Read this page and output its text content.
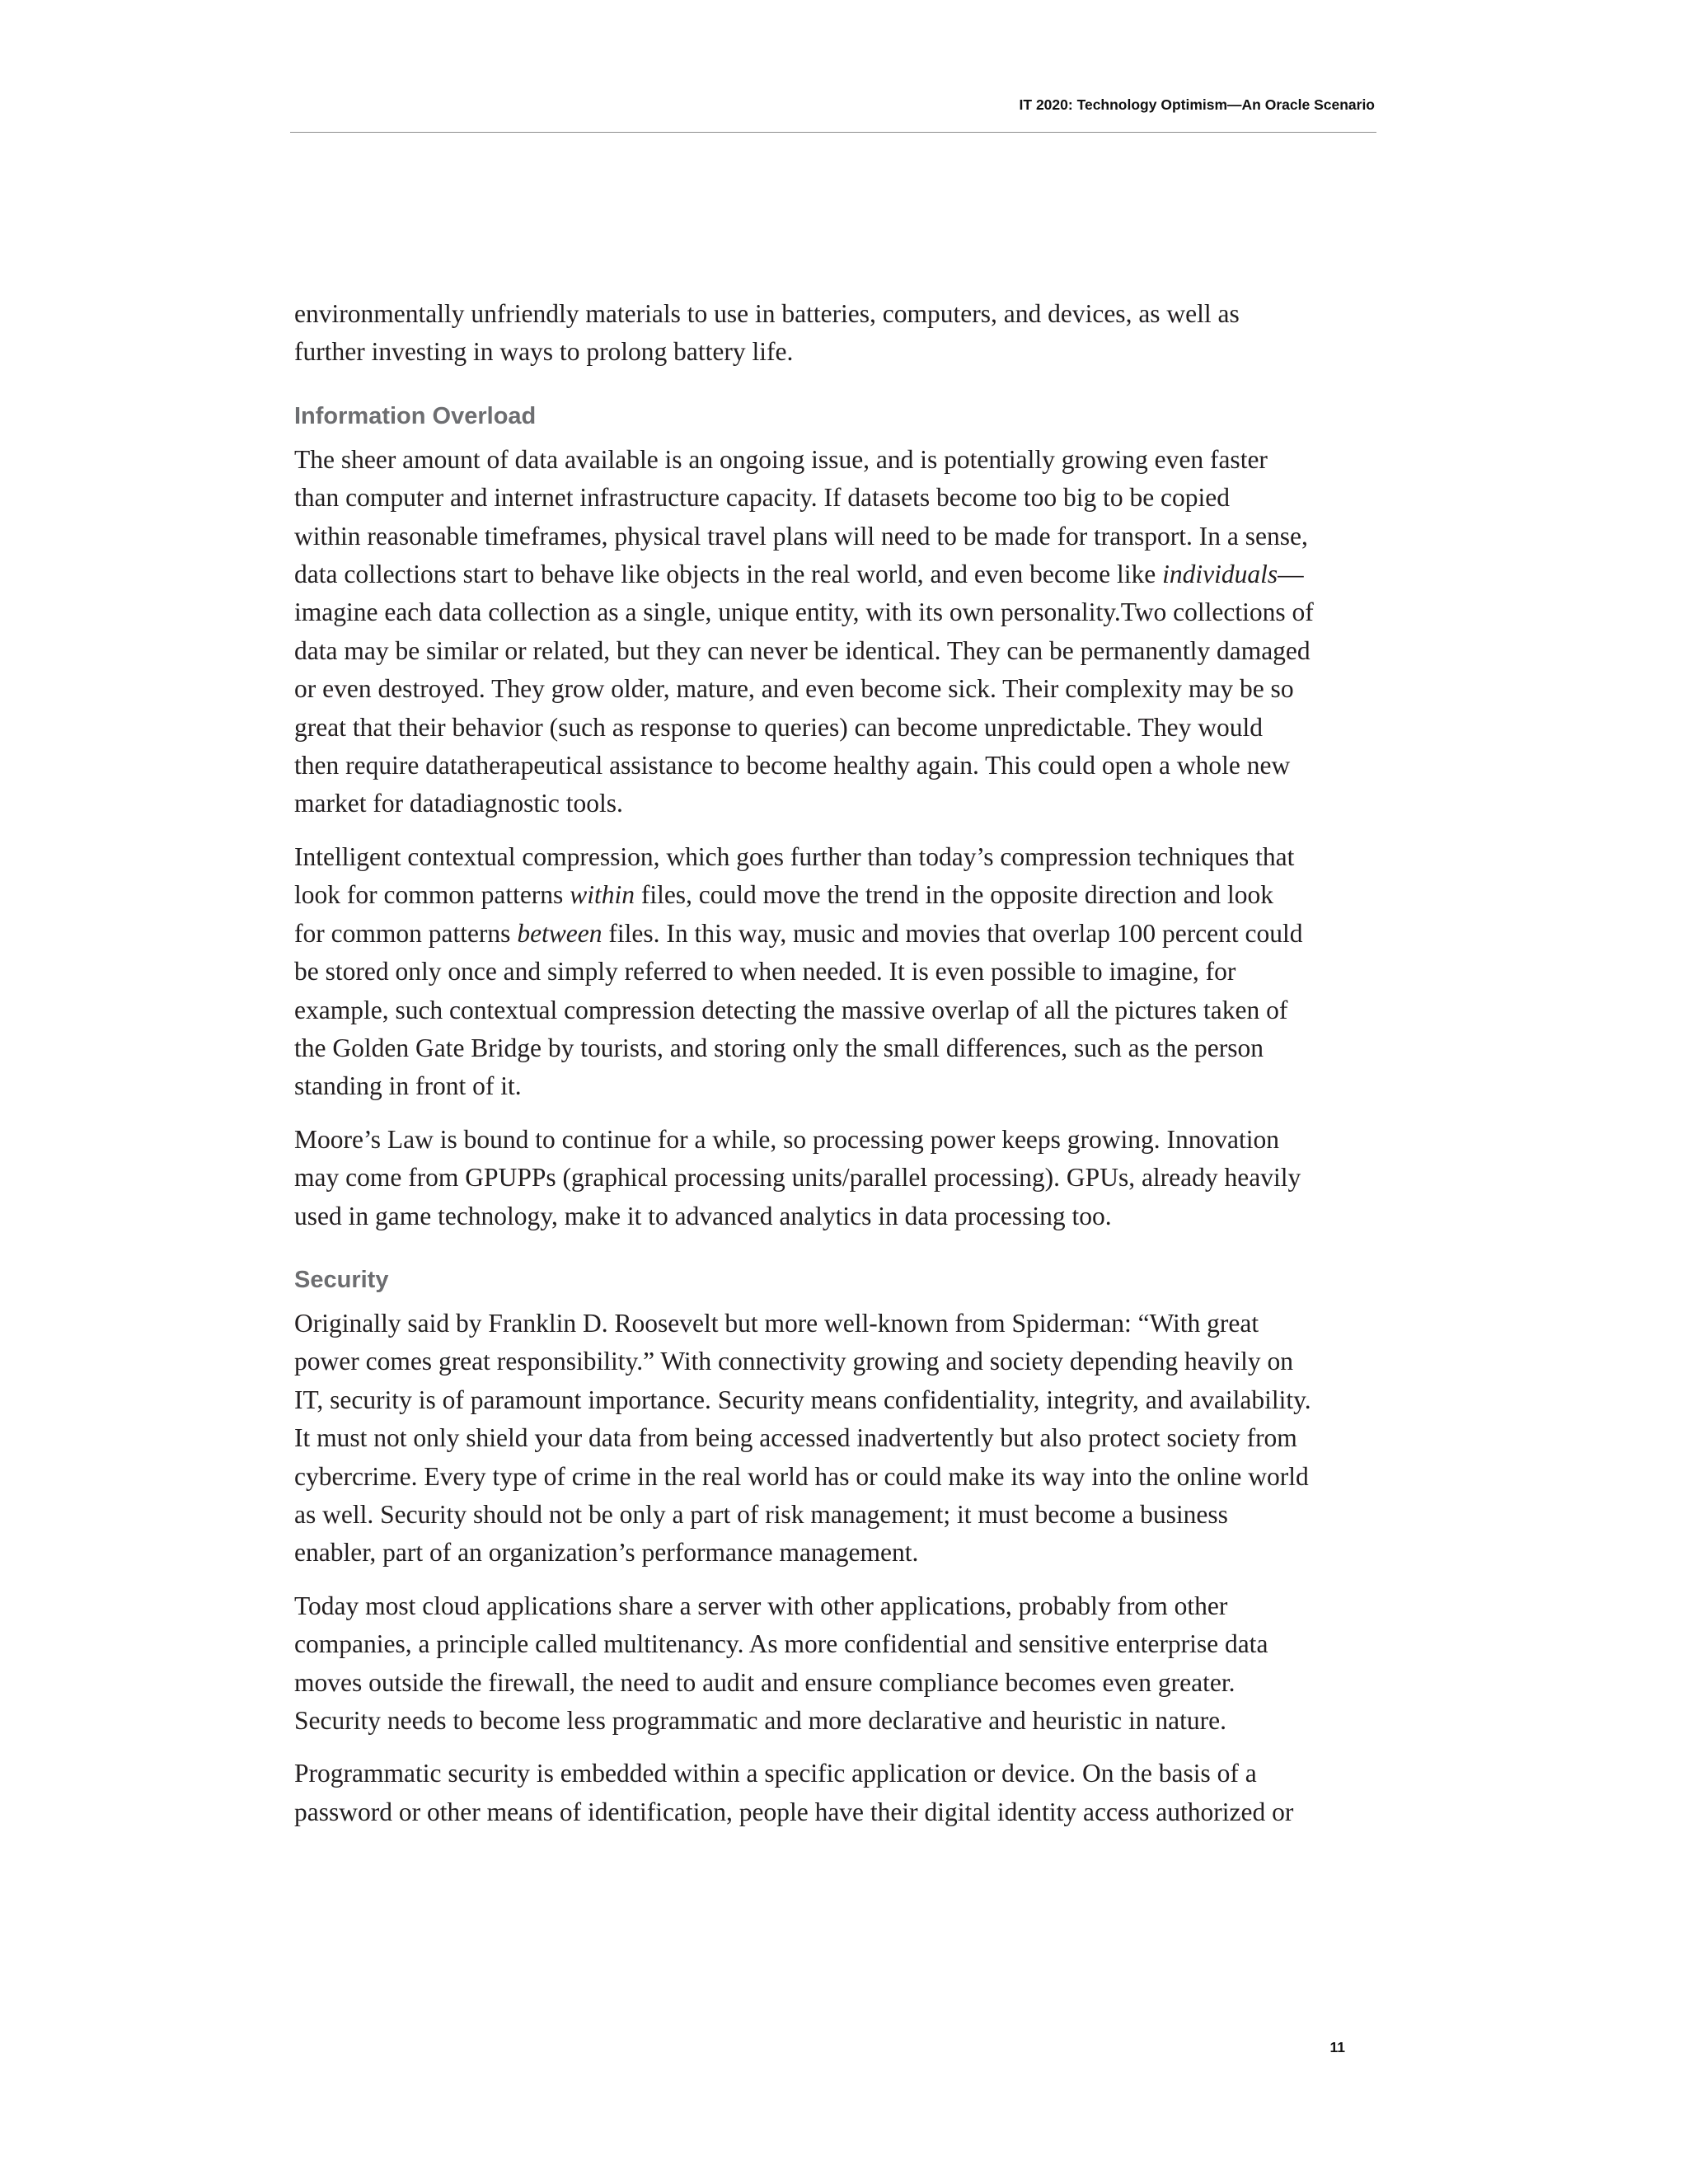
IT 2020: Technology Optimism—An Oracle Scenario

environmentally unfriendly materials to use in batteries, computers, and devices, as well as
further investing in ways to prolong battery life.

Information Overload

The sheer amount of data available is an ongoing issue, and is potentially growing even faster
than computer and internet infrastructure capacity. If datasets become too big to be copied
within reasonable timeframes, physical travel plans will need to be made for transport. In a sense,
data collections start to behave like objects in the real world, and even become like individuals—
imagine each data collection as a single, unique entity, with its own personality.Two collections of
data may be similar or related, but they can never be identical. They can be permanently damaged
or even destroyed. They grow older, mature, and even become sick. Their complexity may be so
great that their behavior (such as response to queries) can become unpredictable. They would
then require datatherapeutical assistance to become healthy again. This could open a whole new
market for datadiagnostic tools.

Intelligent contextual compression, which goes further than today’s compression techniques that
look for common patterns within files, could move the trend in the opposite direction and look
for common patterns between files. In this way, music and movies that overlap 100 percent could
be stored only once and simply referred to when needed. It is even possible to imagine, for
example, such contextual compression detecting the massive overlap of all the pictures taken of
the Golden Gate Bridge by tourists, and storing only the small differences, such as the person
standing in front of it.

Moore’s Law is bound to continue for a while, so processing power keeps growing. Innovation
may come from GPUPPs (graphical processing units/parallel processing). GPUs, already heavily
used in game technology, make it to advanced analytics in data processing too.

Security

Originally said by Franklin D. Roosevelt but more well-known from Spiderman: “With great
power comes great responsibility.” With connectivity growing and society depending heavily on
IT, security is of paramount importance. Security means confidentiality, integrity, and availability.
It must not only shield your data from being accessed inadvertently but also protect society from
cybercrime. Every type of crime in the real world has or could make its way into the online world
as well. Security should not be only a part of risk management; it must become a business
enabler, part of an organization’s performance management.

Today most cloud applications share a server with other applications, probably from other
companies, a principle called multitenancy. As more confidential and sensitive enterprise data
moves outside the firewall, the need to audit and ensure compliance becomes even greater.
Security needs to become less programmatic and more declarative and heuristic in nature.

Programmatic security is embedded within a specific application or device. On the basis of a
password or other means of identification, people have their digital identity access authorized or

11
